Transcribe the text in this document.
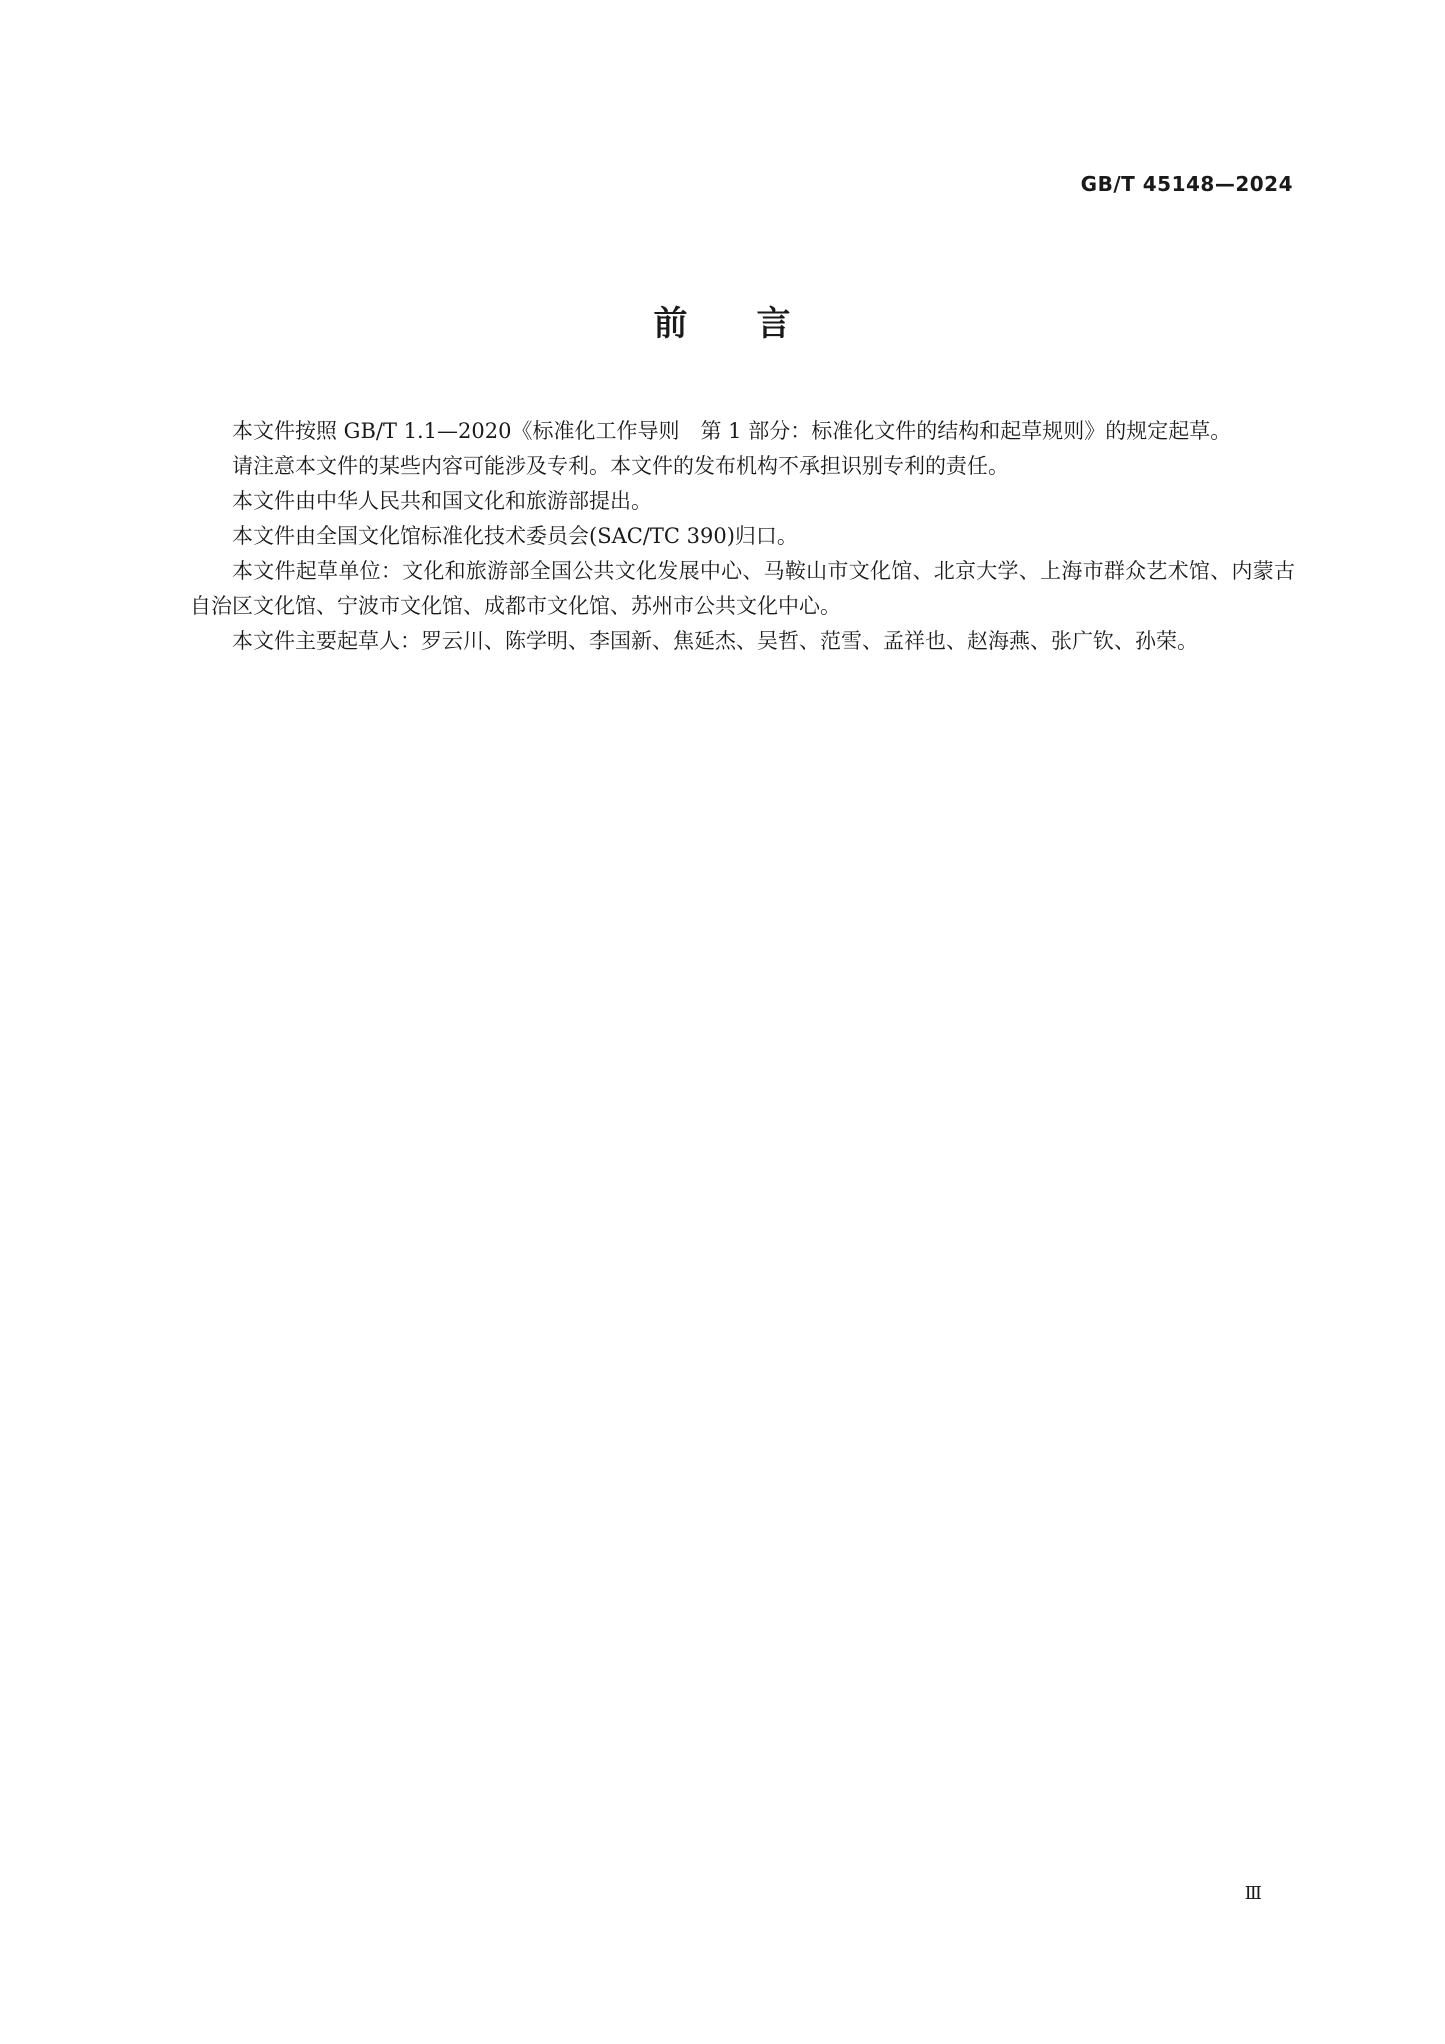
GB/T 45148—2024
前 言

本文件按照 GB/T 1.1—2020《标准化工作导则　第 1 部分：标准化文件的结构和起草规则》的规定起草。

请注意本文件的某些内容可能涉及专利。本文件的发布机构不承担识别专利的责任。

本文件由中华人民共和国文化和旅游部提出。

本文件由全国文化馆标准化技术委员会(SAC/TC 390)归口。

本文件起草单位：文化和旅游部全国公共文化发展中心、马鞍山市文化馆、北京大学、上海市群众艺术馆、内蒙古自治区文化馆、宁波市文化馆、成都市文化馆、苏州市公共文化中心。

本文件主要起草人：罗云川、陈学明、李国新、焦延杰、吴哲、范雪、孟祥也、赵海燕、张广钦、孙荣。

Ⅲ
